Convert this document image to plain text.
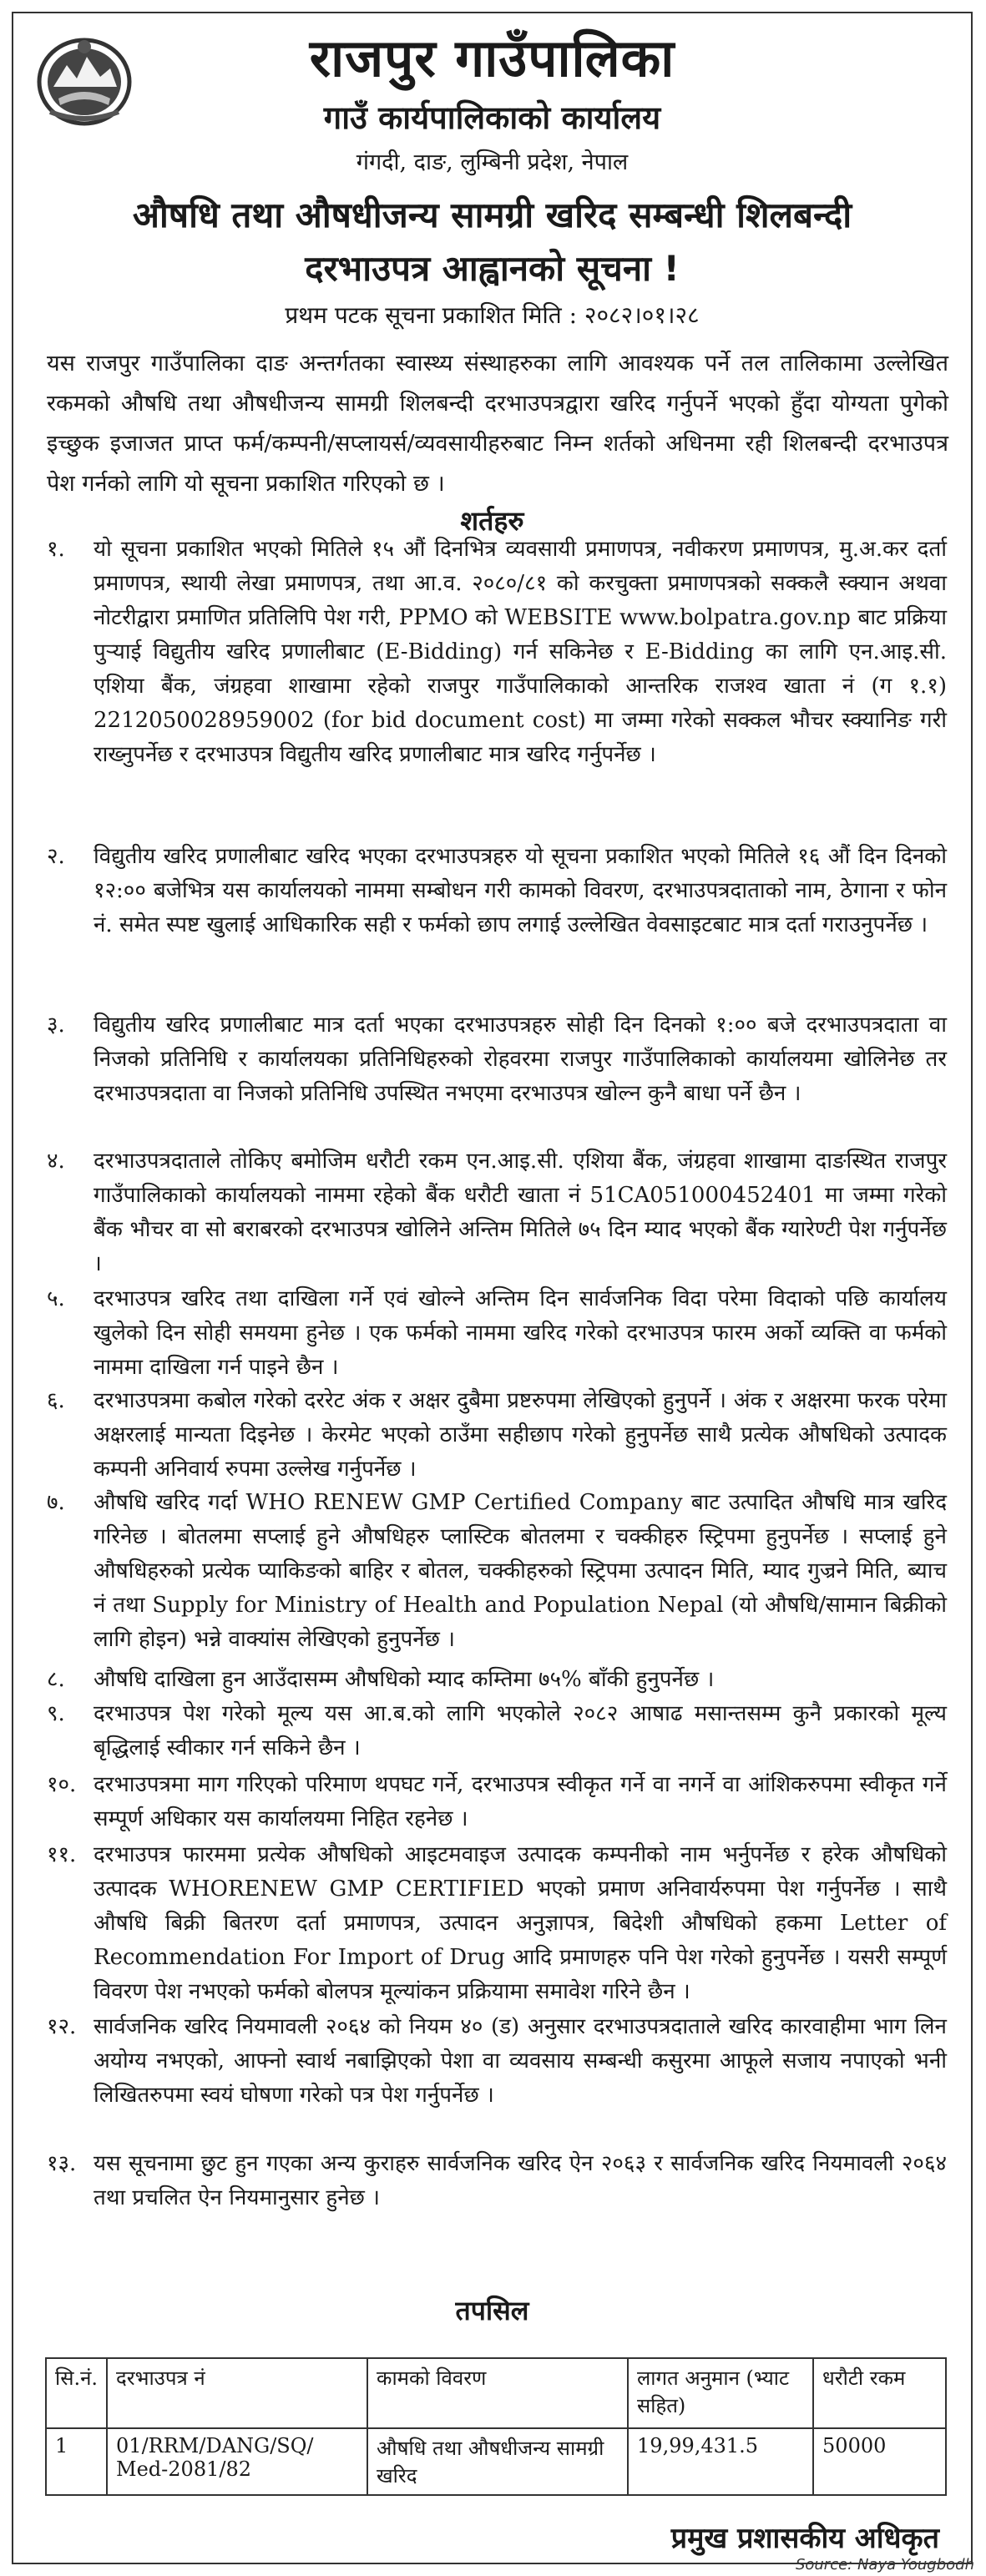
राजपुर गाउँपालिका
गाउँ कार्यपालिकाको कार्यालय
गंगदी, दाङ, लुम्बिनी प्रदेश, नेपाल
औषधि तथा औषधीजन्य सामग्री खरिद सम्बन्धी शिलबन्दी
दरभाउपत्र आह्वानको सूचना !
प्रथम पटक सूचना प्रकाशित मिति : २०८२।०१।२८
यस राजपुर गाउँपालिका दाङ अन्तर्गतका स्वास्थ्य संस्थाहरुका लागि आवश्यक पर्ने तल तालिकामा उल्लेखित रकमको औषधि तथा औषधीजन्य सामग्री शिलबन्दी दरभाउपत्रद्वारा खरिद गर्नुपर्ने भएको हुँदा योग्यता पुगेको इच्छुक इजाजत प्राप्त फर्म/कम्पनी/सप्लायर्स/व्यवसायीहरुबाट निम्न शर्तको अधिनमा रही शिलबन्दी दरभाउपत्र पेश गर्नको लागि यो सूचना प्रकाशित गरिएको छ ।
शर्तहरु
१.	यो सूचना प्रकाशित भएको मितिले १५ औं दिनभित्र व्यवसायी प्रमाणपत्र, नवीकरण प्रमाणपत्र, मु.अ.कर दर्ता प्रमाणपत्र, स्थायी लेखा प्रमाणपत्र, तथा आ.व. २०८०/८१ को करचुक्ता प्रमाणपत्रको सक्कलै स्क्यान अथवा नोटरीद्वारा प्रमाणित प्रतिलिपि पेश गरी, PPMO को WEBSITE www.bolpatra.gov.np बाट प्रक्रिया पुऱ्याई विद्युतीय खरिद प्रणालीबाट (E-Bidding) गर्न सकिनेछ र E-Bidding का लागि एन.आइ.सी. एशिया बैंक, जंग्रहवा शाखामा रहेको राजपुर गाउँपालिकाको आन्तरिक राजश्व खाता नं (ग १.१) 221205002895900​2 (for bid document cost) मा जम्मा गरेको सक्कल भौचर स्क्यानिङ गरी राख्नुपर्नेछ र दरभाउपत्र विद्युतीय खरिद प्रणालीबाट मात्र खरिद गर्नुपर्नेछ ।
२.	विद्युतीय खरिद प्रणालीबाट खरिद भएका दरभाउपत्रहरु यो सूचना प्रकाशित भएको मितिले १६ औं दिन दिनको १२:०० बजेभित्र यस कार्यालयको नाममा सम्बोधन गरी कामको विवरण, दरभाउपत्रदाताको नाम, ठेगाना र फोन नं. समेत स्पष्ट खुलाई आधिकारिक सही र फर्मको छाप लगाई उल्लेखित वेवसाइटबाट मात्र दर्ता गराउनुपर्नेछ ।
३.	विद्युतीय खरिद प्रणालीबाट मात्र दर्ता भएका दरभाउपत्रहरु सोही दिन दिनको १:०० बजे दरभाउपत्रदाता वा निजको प्रतिनिधि र कार्यालयका प्रतिनिधिहरुको रोहवरमा राजपुर गाउँपालिकाको कार्यालयमा खोलिनेछ तर दरभाउपत्रदाता वा निजको प्रतिनिधि उपस्थित नभएमा दरभाउपत्र खोल्न कुनै बाधा पर्ने छैन ।
४.	दरभाउपत्रदाताले तोकिए बमोजिम धरौटी रकम एन.आइ.सी. एशिया बैंक, जंग्रहवा शाखामा दाङस्थित राजपुर गाउँपालिकाको कार्यालयको नाममा रहेको बैंक धरौटी खाता नं 51CA051000452401 मा जम्मा गरेको बैंक भौचर वा सो बराबरको दरभाउपत्र खोलिने अन्तिम मितिले ७५ दिन म्याद भएको बैंक ग्यारेण्टी पेश गर्नुपर्नेछ ।
५.	दरभाउपत्र खरिद तथा दाखिला गर्ने एवं खोल्ने अन्तिम दिन सार्वजनिक विदा परेमा विदाको पछि कार्यालय खुलेको दिन सोही समयमा हुनेछ । एक फर्मको नाममा खरिद गरेको दरभाउपत्र फारम अर्को व्यक्ति वा फर्मको नाममा दाखिला गर्न पाइने छैन ।
६.	दरभाउपत्रमा कबोल गरेको दररेट अंक र अक्षर दुबैमा प्रष्टरुपमा लेखिएको हुनुपर्ने । अंक र अक्षरमा फरक परेमा अक्षरलाई मान्यता दिइनेछ । केरमेट भएको ठाउँमा सहीछाप गरेको हुनुपर्नेछ साथै प्रत्येक औषधिको उत्पादक कम्पनी अनिवार्य रुपमा उल्लेख गर्नुपर्नेछ ।
७.	औषधि खरिद गर्दा WHO RENEW GMP Certified Company बाट उत्पादित औषधि मात्र खरिद गरिनेछ । बोतलमा सप्लाई हुने औषधिहरु प्लास्टिक बोतलमा र चक्कीहरु स्ट्रिपमा हुनुपर्नेछ । सप्लाई हुने औषधिहरुको प्रत्येक प्याकिङको बाहिर र बोतल, चक्कीहरुको स्ट्रिपमा उत्पादन मिति, म्याद गुज्रने मिति, ब्याच नं तथा Supply for Ministry of Health and Population Nepal (यो औषधि/सामान बिक्रीको लागि होइन) भन्ने वाक्यांस लेखिएको हुनुपर्नेछ ।
८.	औषधि दाखिला हुन आउँदासम्म औषधिको म्याद कम्तिमा ७५% बाँकी हुनुपर्नेछ ।
९.	दरभाउपत्र पेश गरेको मूल्य यस आ.ब.को लागि भएकोले २०८२ आषाढ मसान्तसम्म कुनै प्रकारको मूल्य बृद्धिलाई स्वीकार गर्न सकिने छैन ।
१०. दरभाउपत्रमा माग गरिएको परिमाण थपघट गर्ने, दरभाउपत्र स्वीकृत गर्ने वा नगर्ने वा आंशिकरुपमा स्वीकृत गर्ने सम्पूर्ण अधिकार यस कार्यालयमा निहित रहनेछ ।
११. दरभाउपत्र फारममा प्रत्येक औषधिको आइटमवाइज उत्पादक कम्पनीको नाम भर्नुपर्नेछ र हरेक औषधिको उत्पादक WHORENEW GMP CERTIFIED भएको प्रमाण अनिवार्यरुपमा पेश गर्नुपर्नेछ । साथै औषधि बिक्री बितरण दर्ता प्रमाणपत्र, उत्पादन अनुज्ञापत्र, बिदेशी औषधिको हकमा Letter of Recommendation For Import of Drug आदि प्रमाणहरु पनि पेश गरेको हुनुपर्नेछ । यसरी सम्पूर्ण विवरण पेश नभएको फर्मको बोलपत्र मूल्यांकन प्रक्रियामा समावेश गरिने छैन ।
१२. सार्वजनिक खरिद नियमावली २०६४ को नियम ४० (ड) अनुसार दरभाउपत्रदाताले खरिद कारवाहीमा भाग लिन अयोग्य नभएको, आफ्नो स्वार्थ नबाझिएको पेशा वा व्यवसाय सम्बन्धी कसुरमा आफूले सजाय नपाएको भनी लिखितरुपमा स्वयं घोषणा गरेको पत्र पेश गर्नुपर्नेछ ।
१३. यस सूचनामा छुट हुन गएका अन्य कुराहरु सार्वजनिक खरिद ऐन २०६३ र सार्वजनिक खरिद नियमावली २०६४ तथा प्रचलित ऐन नियमानुसार हुनेछ ।
तपसिल
सि.नं.	दरभाउपत्र नं	कामको विवरण	लागत अनुमान (भ्याट सहित)	धरौटी रकम
1	01/RRM/DANG/SQ/ Med-2081/82	औषधि तथा औषधीजन्य सामग्री खरिद	19,99,431.5	50000
प्रमुख प्रशासकीय अधिकृत
Source: Naya Yougbodh
